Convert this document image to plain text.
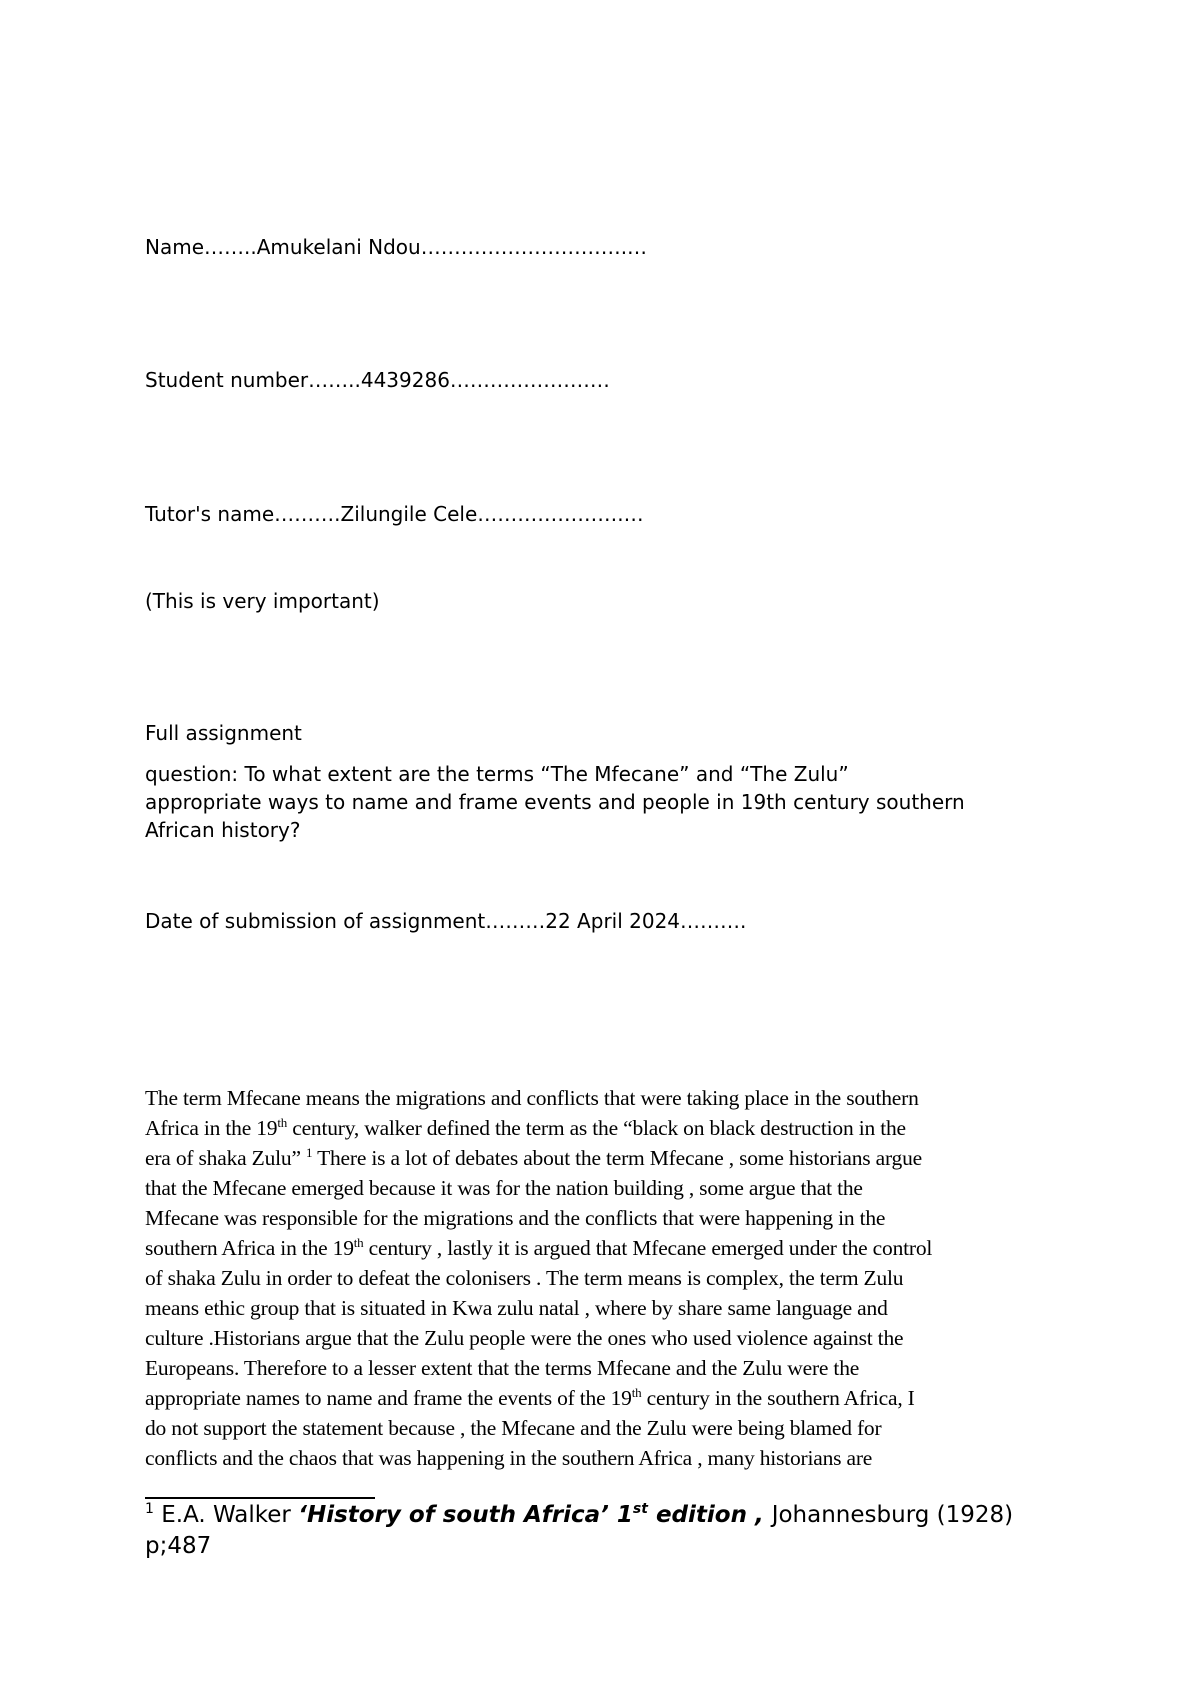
Name……..Amukelani Ndou………………………….…
Student number……..4439286……………………
Tutor's name……….Zilungile Cele………………….…
(This is very important)
Full assignment
question: To what extent are the terms “The Mfecane” and “The Zulu”
appropriate ways to name and frame events and people in 19th century southern
African history?
Date of submission of assignment………22 April 2024……….
The term Mfecane means the migrations and conflicts that were taking place in the southern
Africa in the 19th century, walker defined the term as the “black on black destruction in the
era of shaka Zulu” $^1$ There is a lot of debates about the term Mfecane , some historians argue
that the Mfecane emerged because it was for the nation building , some argue that the
Mfecane was responsible for the migrations and the conflicts that were happening in the
southern Africa in the 19th century , lastly it is argued that Mfecane emerged under the control
of shaka Zulu in order to defeat the colonisers . The term means is complex, the term Zulu
means ethic group that is situated in Kwa zulu natal , where by share same language and
culture .Historians argue that the Zulu people were the ones who used violence against the
Europeans. Therefore to a lesser extent that the terms Mfecane and the Zulu were the
appropriate names to name and frame the events of the 19th century in the southern Africa, I
do not support the statement because , the Mfecane and the Zulu were being blamed for
conflicts and the chaos that was happening in the southern Africa , many historians are
$^1$ E.A. Walker ‘History of south Africa’ 1st edition , Johannesburg (1928)
p;487
